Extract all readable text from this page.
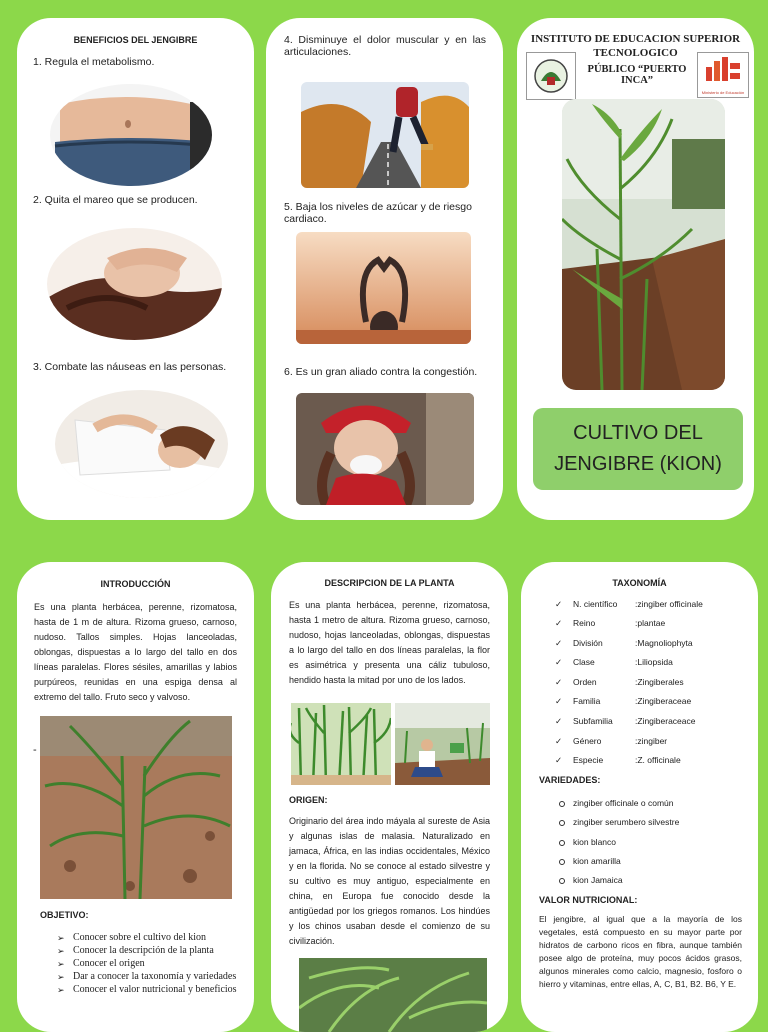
BENEFICIOS DEL JENGIBRE
1. Regula el metabolismo.
2. Quita el mareo que se producen.
3. Combate las náuseas en las personas.
4. Disminuye el dolor muscular y en las articulaciones.
5. Baja los niveles de azúcar y de riesgo cardiaco.
6. Es un gran aliado contra la congestión.
INSTITUTO DE EDUCACION SUPERIOR
TECNOLOGICO
PÚBLICO “PUERTO INCA”
Ministerio de Educación
CULTIVO DEL
JENGIBRE (KION)
INTRODUCCIÓN
Es una planta herbácea, perenne, rizomatosa, hasta de 1 m de altura. Rizoma grueso, carnoso, nudoso. Tallos simples. Hojas lanceoladas, oblongas, dispuestas a lo largo del tallo en dos líneas paralelas. Flores sésiles, amarillas y labios purpúreos, reunidas en una espiga densa al extremo del tallo. Fruto seco y valvoso.
-
OBJETIVO:
➢ Conocer sobre el cultivo del kion
➢ Conocer la descripción de la planta
➢ Conocer el origen
➢ Dar a conocer la taxonomía y variedades
➢ Conocer el valor nutricional y beneficios
DESCRIPCION DE LA PLANTA
Es una planta herbácea, perenne, rizomatosa, hasta 1 metro de altura. Rizoma grueso, carnoso, nudoso, hojas lanceoladas, oblongas, dispuestas a lo largo del tallo en dos líneas paralelas, la flor es asimétrica y presenta una cáliz tubuloso, hendido hasta la mitad por uno de los lados.
ORIGEN:
Originario del área indo máyala al sureste de Asia y algunas islas de malasia. Naturalizado en jamaca, África, en las indias occidentales, México y en la florida. No se conoce al estado silvestre y su cultivo es muy antiguo, especialmente en china, en Europa fue conocido desde la antigüedad por los griegos romanos. Los hindúes y los chinos usaban desde el comienzo de su civilización.
TAXONOMÍA
✓ N. científico :zingiber officinale
✓ Reino	:plantae
✓ División	:Magnoliophyta
✓ Clase	:Liliopsida
✓ Orden	:Zingiberales
✓ Familia	:Zingiberaceae
✓ Subfamilia	:Zingiberaceace
✓ Género	:zingiber
✓ Especie	:Z. officinale
VARIEDADES:
zingiber officinale o común
zingiber serumbero silvestre
kion blanco
kion amarilla
kion Jamaica
VALOR NUTRICIONAL:
El jengibre, al igual que a la mayoría de los vegetales, está compuesto en su mayor parte por hidratos de carbono ricos en fibra, aunque también posee algo de proteína, muy pocos ácidos grasos, algunos minerales como calcio, magnesio, fosforo o hierro y vitaminas, entre ellas, A, C, B1, B2. B6, Y E.
